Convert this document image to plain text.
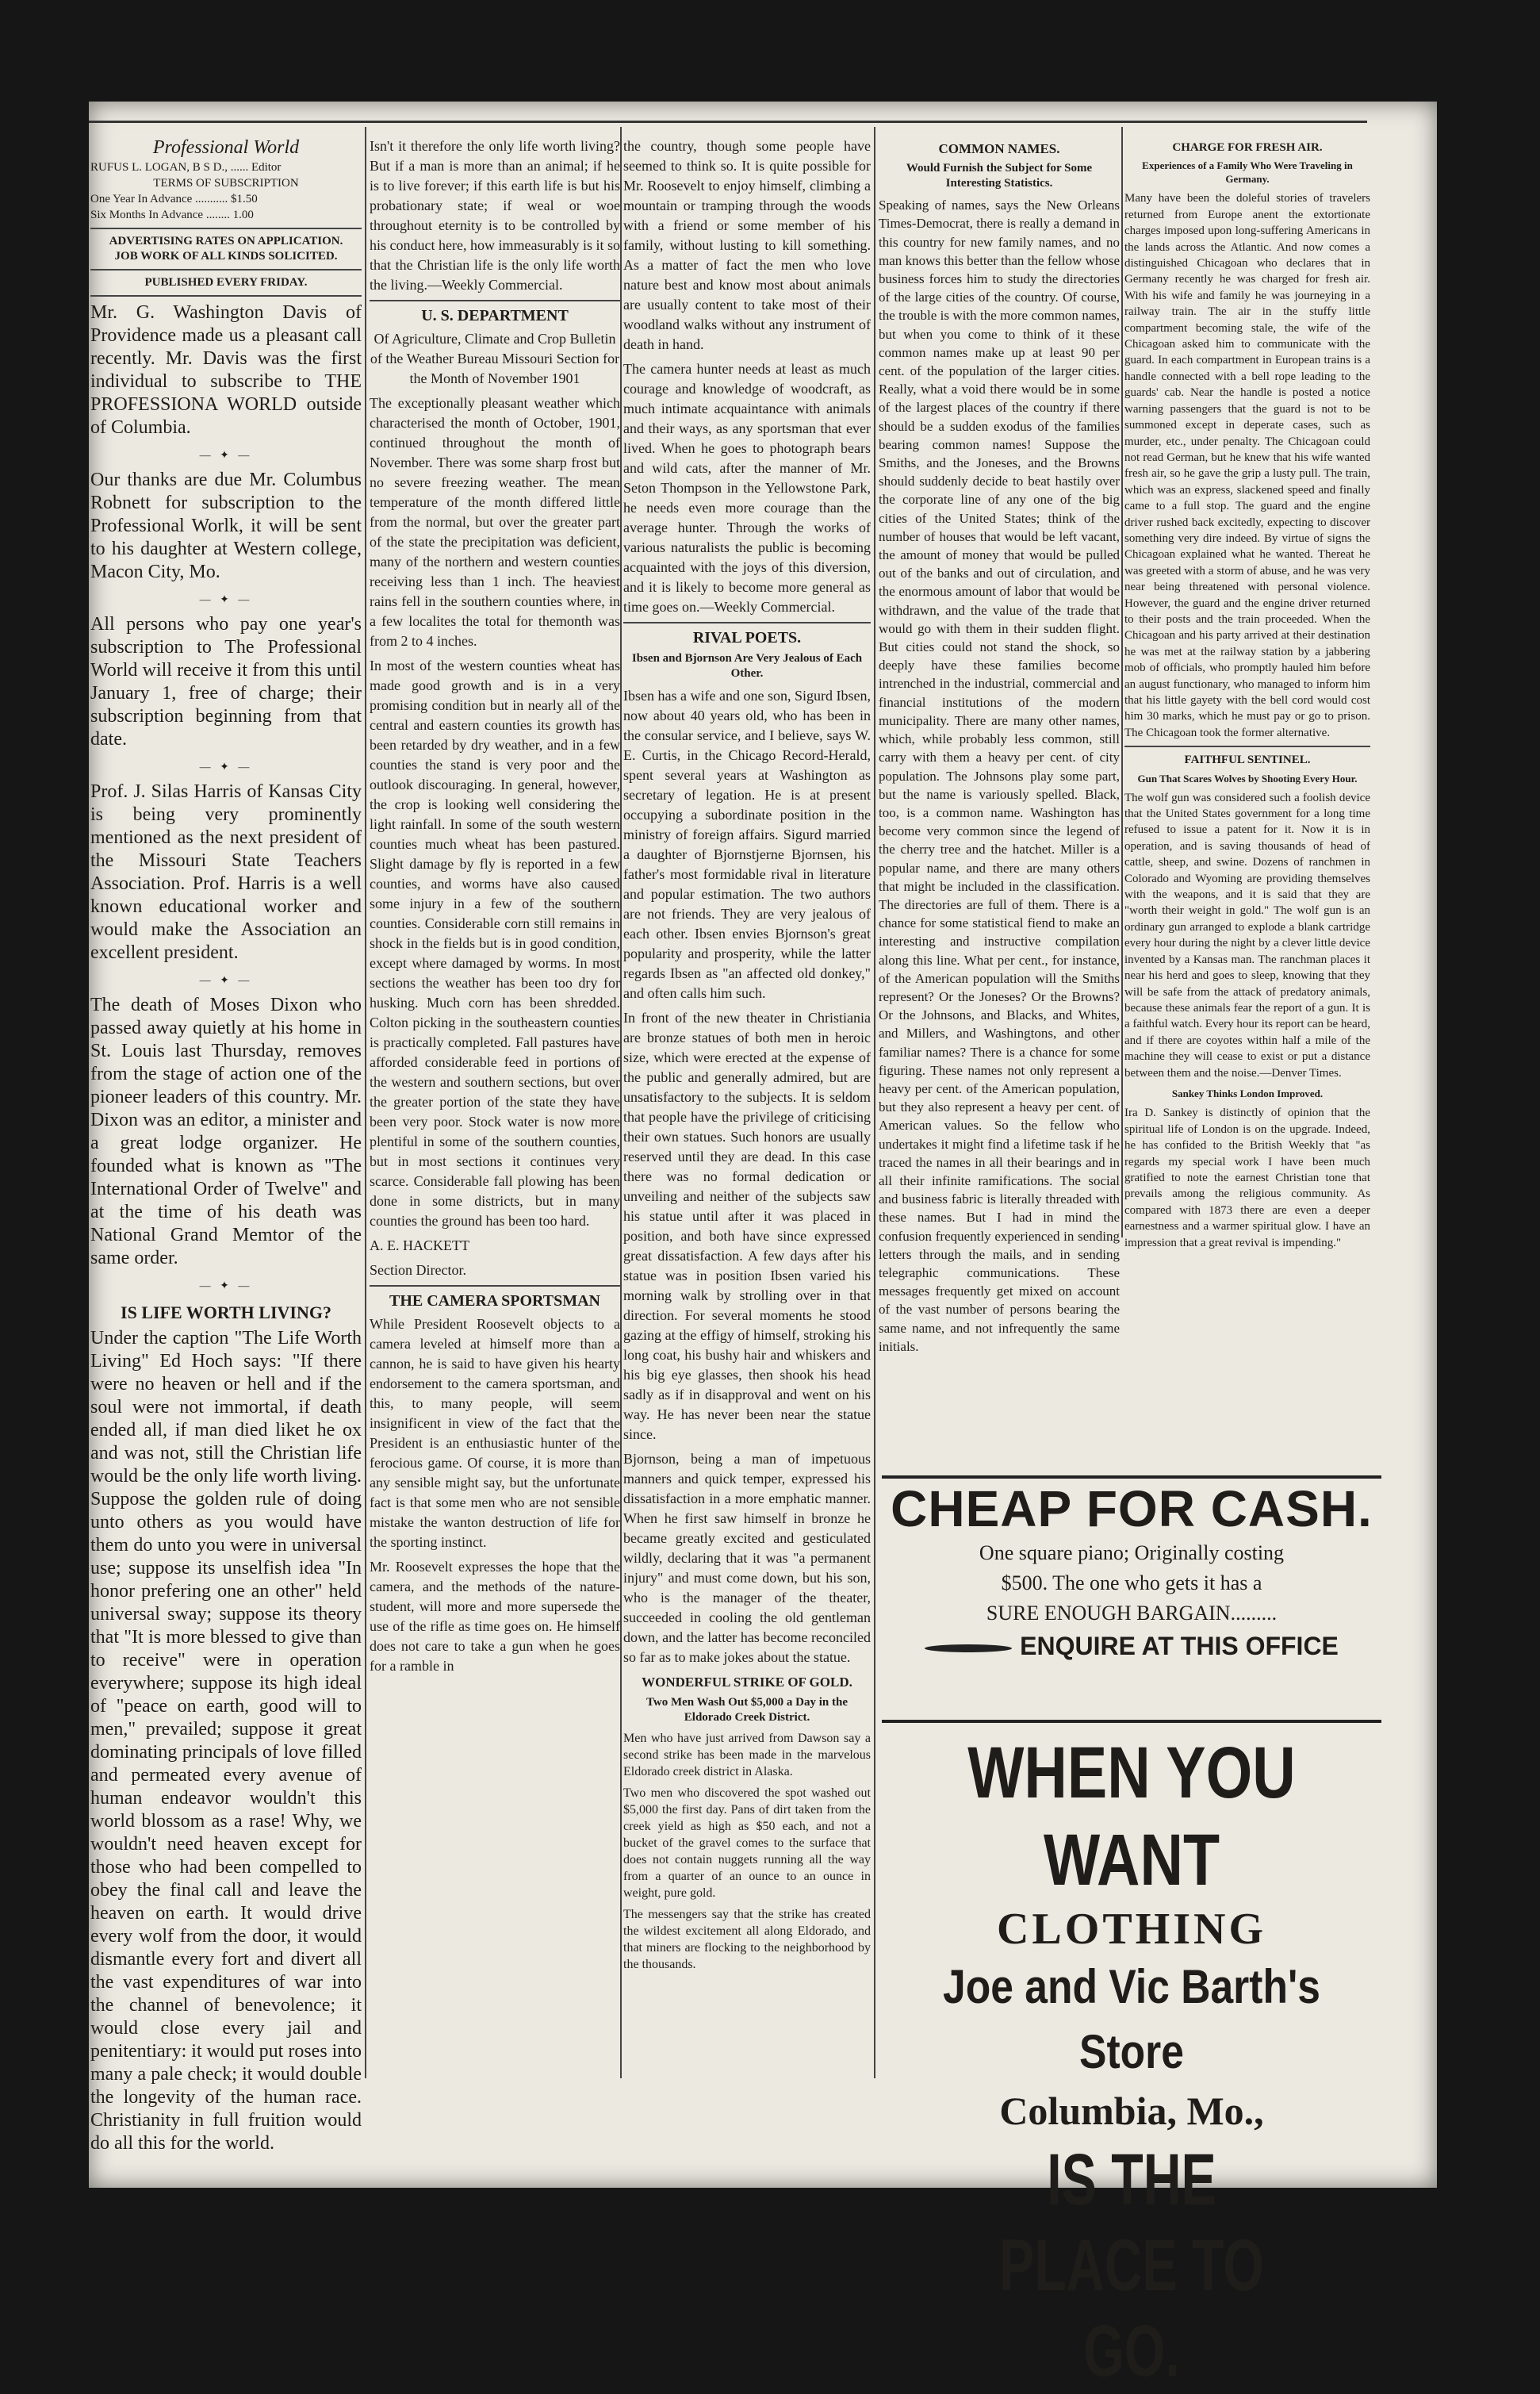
Professional World
RUFUS L. LOGAN, B S D., ...... Editor
TERMS OF SUBSCRIPTION
One Year In Advance ........... $1.50
Six Months In Advance ........ 1.00
ADVERTISING RATES ON APPLICATION.
JOB WORK OF ALL KINDS SOLICITED.
PUBLISHED EVERY FRIDAY.

Mr. G. Washington Davis of Providence made us a pleasant call recently. Mr. Davis was the first individual to subscribe to THE PROFESSIONA WORLD outside of Columbia.

— ✦ —

Our thanks are due Mr. Columbus Robnett for subscription to the Professional Worlk, it will be sent to his daughter at Western college, Macon City, Mo.

— ✦ —

All persons who pay one year's subscription to The Professional World will receive it from this until January 1, free of charge; their subscription beginning from that date.

— ✦ —

Prof. J. Silas Harris of Kansas City is being very prominently mentioned as the next president of the Missouri State Teachers Association. Prof. Harris is a well known educational worker and would make the Association an excellent president.

— ✦ —

The death of Moses Dixon who passed away quietly at his home in St. Louis last Thursday, removes from the stage of action one of the pioneer leaders of this country. Mr. Dixon was an editor, a minister and a great lodge organizer. He founded what is known as "The International Order of Twelve" and at the time of his death was National Grand Memtor of the same order.

— ✦ —
IS LIFE WORTH LIVING?

Under the caption "The Life Worth Living" Ed Hoch says: "If there were no heaven or hell and if the soul were not immortal, if death ended all, if man died liket he ox and was not, still the Christian life would be the only life worth living. Suppose the golden rule of doing unto others as you would have them do unto you were in universal use; suppose its unselfish idea "In honor prefering one an other" held universal sway; suppose its theory that "It is more blessed to give than to receive" were in operation everywhere; suppose its high ideal of "peace on earth, good will to men," prevailed; suppose it great dominating principals of love filled and permeated every avenue of human endeavor wouldn't this world blossom as a rase! Why, we wouldn't need heaven except for those who had been compelled to obey the final call and leave the heaven on earth. It would drive every wolf from the door, it would dismantle every fort and divert all the vast expenditures of war into the channel of benevolence; it would close every jail and penitentiary: it would put roses into many a pale check; it would double the longevity of the human race. Christianity in full fruition would do all this for the world.

Isn't it therefore the only life worth living? But if a man is more than an animal; if he is to live forever; if this earth life is but his probationary state; if weal or woe throughout eternity is to be controlled by his conduct here, how immeasurably is it so that the Christian life is the only life worth the living.—Weekly Commercial.

U. S. DEPARTMENT

Of Agriculture, Climate and Crop Bulletin of the Weather Bureau Missouri Section for the Month of November 1901

The exceptionally pleasant weather which characterised the month of October, 1901, continued throughout the month of November. There was some sharp frost but no severe freezing weather. The mean temperature of the month differed little from the normal, but over the greater part of the state the precipitation was deficient, many of the northern and western counties receiving less than 1 inch. The heaviest rains fell in the southern counties where, in a few localites the total for themonth was from 2 to 4 inches.

In most of the western counties wheat has made good growth and is in a very promising condition but in nearly all of the central and eastern counties its growth has been retarded by dry weather, and in a few counties the stand is very poor and the outlook discouraging. In general, however, the crop is looking well considering the light rainfall. In some of the south western counties much wheat has been pastured. Slight damage by fly is reported in a few counties, and worms have also caused some injury in a few of the southern counties. Considerable corn still remains in shock in the fields but is in good condition, except where damaged by worms. In most sections the weather has been too dry for husking. Much corn has been shredded. Colton picking in the southeastern counties is practically completed. Fall pastures have afforded considerable feed in portions of the western and southern sections, but over the greater portion of the state they have been very poor. Stock water is now more plentiful in some of the southern counties, but in most sections it continues very scarce. Considerable fall plowing has been done in some districts, but in many counties the ground has been too hard.

A. E. HACKETT

Section Director.

THE CAMERA SPORTSMAN

While President Roosevelt objects to a camera leveled at himself more than a cannon, he is said to have given his hearty endorsement to the camera sportsman, and this, to many people, will seem insignificent in view of the fact that the President is an enthusiastic hunter of the ferocious game. Of course, it is more than any sensible might say, but the unfortunate fact is that some men who are not sensible mistake the wanton destruction of life for the sporting instinct.

Mr. Roosevelt expresses the hope that the camera, and the methods of the nature-student, will more and more supersede the use of the rifle as time goes on. He himself does not care to take a gun when he goes for a ramble in

the country, though some people have seemed to think so. It is quite possible for Mr. Roosevelt to enjoy himself, climbing a mountain or tramping through the woods with a friend or some member of his family, without lusting to kill something. As a matter of fact the men who love nature best and know most about animals are usually content to take most of their woodland walks without any instrument of death in hand.

The camera hunter needs at least as much courage and knowledge of woodcraft, as much intimate acquaintance with animals and their ways, as any sportsman that ever lived. When he goes to photograph bears and wild cats, after the manner of Mr. Seton Thompson in the Yellowstone Park, he needs even more courage than the average hunter. Through the works of various naturalists the public is becoming acquainted with the joys of this diversion, and it is likely to become more general as time goes on.—Weekly Commercial.

RIVAL POETS.
Ibsen and Bjornson Are Very Jealous of Each Other.

Ibsen has a wife and one son, Sigurd Ibsen, now about 40 years old, who has been in the consular service, and I believe, says W. E. Curtis, in the Chicago Record-Herald, spent several years at Washington as secretary of legation. He is at present occupying a subordinate position in the ministry of foreign affairs. Sigurd married a daughter of Bjornstjerne Bjornsen, his father's most formidable rival in literature and popular estimation. The two authors are not friends. They are very jealous of each other. Ibsen envies Bjornson's great popularity and prosperity, while the latter regards Ibsen as "an affected old donkey," and often calls him such.

In front of the new theater in Christiania are bronze statues of both men in heroic size, which were erected at the expense of the public and generally admired, but are unsatisfactory to the subjects. It is seldom that people have the privilege of criticising their own statues. Such honors are usually reserved until they are dead. In this case there was no formal dedication or unveiling and neither of the subjects saw his statue until after it was placed in position, and both have since expressed great dissatisfaction. A few days after his statue was in position Ibsen varied his morning walk by strolling over in that direction. For several moments he stood gazing at the effigy of himself, stroking his long coat, his bushy hair and whiskers and his big eye glasses, then shook his head sadly as if in disapproval and went on his way. He has never been near the statue since.

Bjornson, being a man of impetuous manners and quick temper, expressed his dissatisfaction in a more emphatic manner. When he first saw himself in bronze he became greatly excited and gesticulated wildly, declaring that it was "a permanent injury" and must come down, but his son, who is the manager of the theater, succeeded in cooling the old gentleman down, and the latter has become reconciled so far as to make jokes about the statue.

WONDERFUL STRIKE OF GOLD.
Two Men Wash Out $5,000 a Day in the Eldorado Creek District.

Men who have just arrived from Dawson say a second strike has been made in the marvelous Eldorado creek district in Alaska.

Two men who discovered the spot washed out $5,000 the first day. Pans of dirt taken from the creek yield as high as $50 each, and not a bucket of the gravel comes to the surface that does not contain nuggets running all the way from a quarter of an ounce to an ounce in weight, pure gold.

The messengers say that the strike has created the wildest excitement all along Eldorado, and that miners are flocking to the neighborhood by the thousands.

COMMON NAMES.
Would Furnish the Subject for Some Interesting Statistics.

Speaking of names, says the New Orleans Times-Democrat, there is really a demand in this country for new family names, and no man knows this better than the fellow whose business forces him to study the directories of the large cities of the country. Of course, the trouble is with the more common names, but when you come to think of it these common names make up at least 90 per cent. of the population of the larger cities. Really, what a void there would be in some of the largest places of the country if there should be a sudden exodus of the families bearing common names! Suppose the Smiths, and the Joneses, and the Browns should suddenly decide to beat hastily over the corporate line of any one of the big cities of the United States; think of the number of houses that would be left vacant, the amount of money that would be pulled out of the banks and out of circulation, and the enormous amount of labor that would be withdrawn, and the value of the trade that would go with them in their sudden flight. But cities could not stand the shock, so deeply have these families become intrenched in the industrial, commercial and financial institutions of the modern municipality. There are many other names, which, while probably less common, still carry with them a heavy per cent. of city population. The Johnsons play some part, but the name is variously spelled. Black, too, is a common name. Washington has become very common since the legend of the cherry tree and the hatchet. Miller is a popular name, and there are many others that might be included in the classification. The directories are full of them. There is a chance for some statistical fiend to make an interesting and instructive compilation along this line. What per cent., for instance, of the American population will the Smiths represent? Or the Joneses? Or the Browns? Or the Johnsons, and Blacks, and Whites, and Millers, and Washingtons, and other familiar names? There is a chance for some figuring. These names not only represent a heavy per cent. of the American population, but they also represent a heavy per cent. of American values. So the fellow who undertakes it might find a lifetime task if he traced the names in all their bearings and in all their infinite ramifications. The social and business fabric is literally threaded with these names. But I had in mind the confusion frequently experienced in sending letters through the mails, and in sending telegraphic communications. These messages frequently get mixed on account of the vast number of persons bearing the same name, and not infrequently the same initials.

CHARGE FOR FRESH AIR.
Experiences of a Family Who Were Traveling in Germany.

Many have been the doleful stories of travelers returned from Europe anent the extortionate charges imposed upon long-suffering Americans in the lands across the Atlantic. And now comes a distinguished Chicagoan who declares that in Germany recently he was charged for fresh air. With his wife and family he was journeying in a railway train. The air in the stuffy little compartment becoming stale, the wife of the Chicagoan asked him to communicate with the guard. In each compartment in European trains is a handle connected with a bell rope leading to the guards' cab. Near the handle is posted a notice warning passengers that the guard is not to be summoned except in deperate cases, such as murder, etc., under penalty. The Chicagoan could not read German, but he knew that his wife wanted fresh air, so he gave the grip a lusty pull. The train, which was an express, slackened speed and finally came to a full stop. The guard and the engine driver rushed back excitedly, expecting to discover something very dire indeed. By virtue of signs the Chicagoan explained what he wanted. Thereat he was greeted with a storm of abuse, and he was very near being threatened with personal violence. However, the guard and the engine driver returned to their posts and the train proceeded. When the Chicagoan and his party arrived at their destination he was met at the railway station by a jabbering mob of officials, who promptly hauled him before an august functionary, who managed to inform him that his little gayety with the bell cord would cost him 30 marks, which he must pay or go to prison. The Chicagoan took the former alternative.

FAITHFUL SENTINEL.
Gun That Scares Wolves by Shooting Every Hour.

The wolf gun was considered such a foolish device that the United States government for a long time refused to issue a patent for it. Now it is in operation, and is saving thousands of head of cattle, sheep, and swine. Dozens of ranchmen in Colorado and Wyoming are providing themselves with the weapons, and it is said that they are "worth their weight in gold." The wolf gun is an ordinary gun arranged to explode a blank cartridge every hour during the night by a clever little device invented by a Kansas man. The ranchman places it near his herd and goes to sleep, knowing that they will be safe from the attack of predatory animals, because these animals fear the report of a gun. It is a faithful watch. Every hour its report can be heard, and if there are coyotes within half a mile of the machine they will cease to exist or put a distance between them and the noise.—Denver Times.

Sankey Thinks London Improved.

Ira D. Sankey is distinctly of opinion that the spiritual life of London is on the upgrade. Indeed, he has confided to the British Weekly that "as regards my special work I have been much gratified to note the earnest Christian tone that prevails among the religious community. As compared with 1873 there are even a deeper earnestness and a warmer spiritual glow. I have an impression that a great revival is impending."

CHEAP FOR CASH.
One square piano; Originally costing
$500. The one who gets it has a
SURE ENOUGH BARGAIN.........
ENQUIRE AT THIS OFFICE
WHEN YOU WANT
CLOTHING
Joe and Vic Barth's Store
Columbia, Mo.,
IS THE PLACE TO GO.
